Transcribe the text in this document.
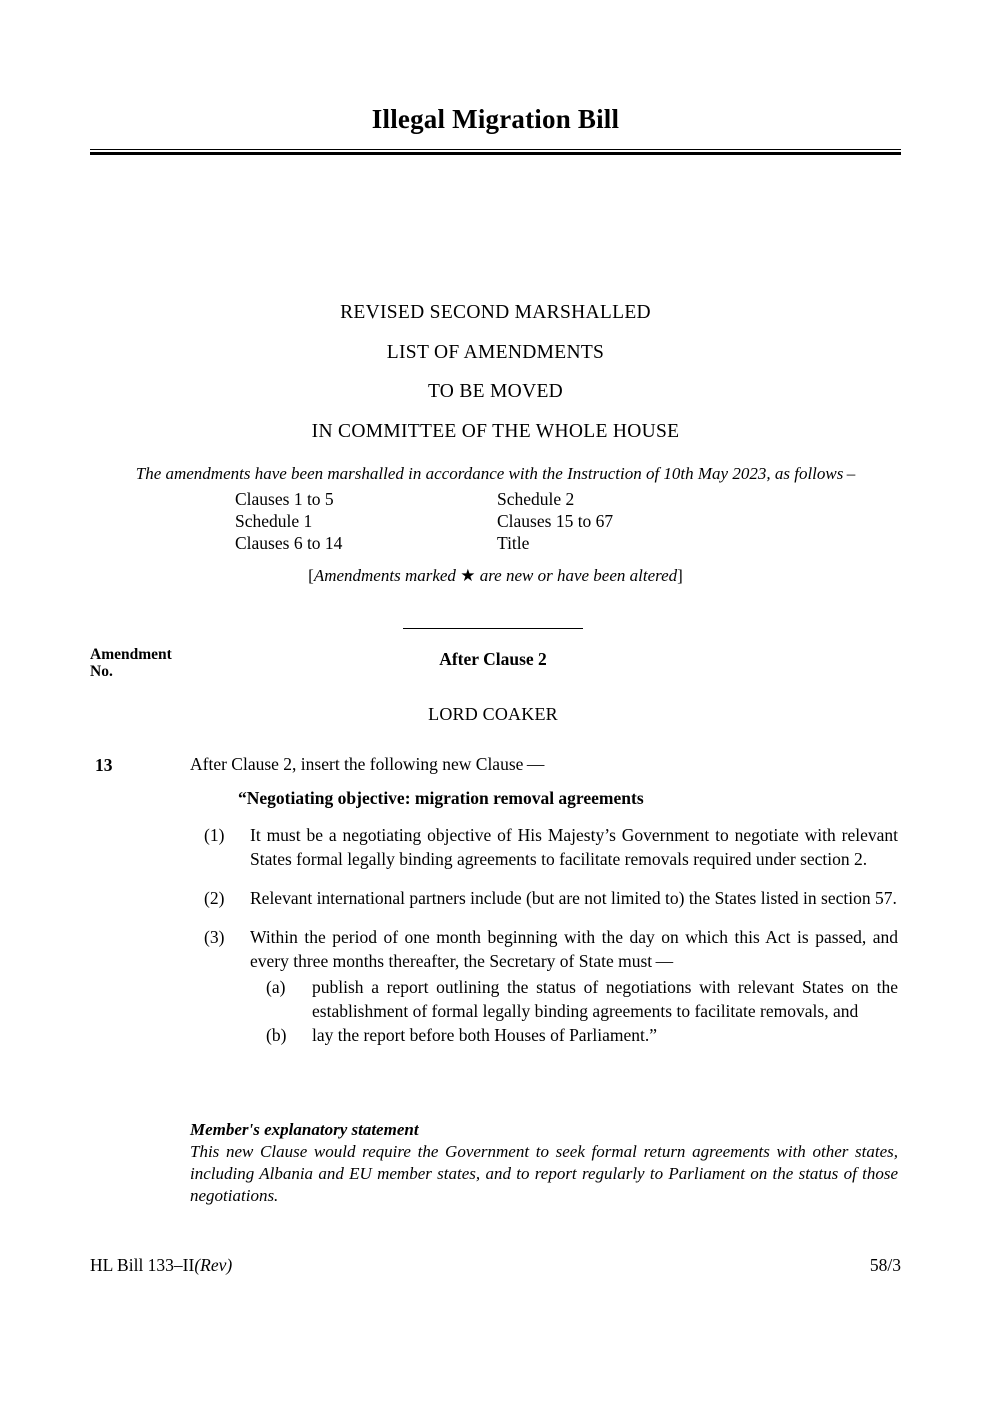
Illegal Migration Bill
REVISED SECOND MARSHALLED
LIST OF AMENDMENTS
TO BE MOVED
IN COMMITTEE OF THE WHOLE HOUSE
The amendments have been marshalled in accordance with the Instruction of 10th May 2023, as follows –
Clauses 1 to 5	Schedule 2
Schedule 1	Clauses 15 to 67
Clauses 6 to 14	Title
[Amendments marked ★ are new or have been altered]
Amendment
No.
After Clause 2
LORD COAKER
13	After Clause 2, insert the following new Clause —
“Negotiating objective: migration removal agreements
(1)	It must be a negotiating objective of His Majesty’s Government to negotiate with relevant States formal legally binding agreements to facilitate removals required under section 2.
(2)	Relevant international partners include (but are not limited to) the States listed in section 57.
(3)	Within the period of one month beginning with the day on which this Act is passed, and every three months thereafter, the Secretary of State must —
(a)	publish a report outlining the status of negotiations with relevant States on the establishment of formal legally binding agreements to facilitate removals, and
(b)	lay the report before both Houses of Parliament.”
Member's explanatory statement
This new Clause would require the Government to seek formal return agreements with other states, including Albania and EU member states, and to report regularly to Parliament on the status of those negotiations.
HL Bill 133–II(Rev)	58/3
